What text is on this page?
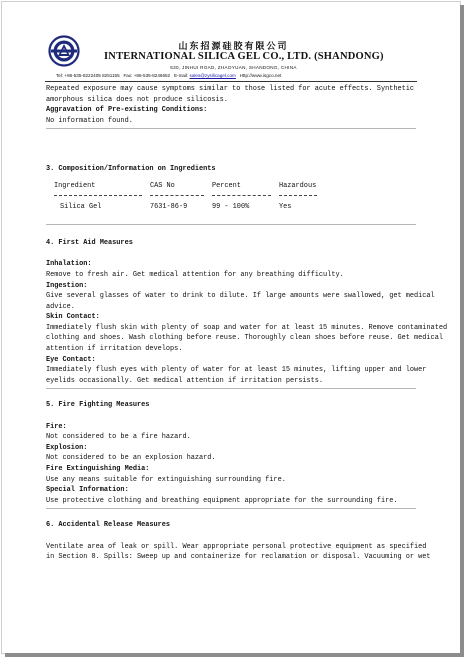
山东招源硅胶有限公司
INTERNATIONAL SILICA GEL CO., LTD. (SHANDONG)
530, JINHUI ROAD, ZHAOYUAN, SHANDONG, CHINA
Tel: +86-535-8222405 8251155 Fax: +86-535-8246652 E-mail: sales@zysilicagel.com Http://www.isgco.net

Repeated exposure may cause symptoms similar to those listed for acute effects. Synthetic

amorphous silica does not produce silicosis.

Aggravation of Pre-existing Conditions:

No information found.

3. Composition/Information on Ingredients

Ingredient	CAS No	Percent	Hazardous

Silica Gel	7631-86-9	99 - 100%	Yes

4. First Aid Measures

Inhalation:

Remove to fresh air. Get medical attention for any breathing difficulty.

Ingestion:

Give several glasses of water to drink to dilute. If large amounts were swallowed, get medical

advice.

Skin Contact:

Immediately flush skin with plenty of soap and water for at least 15 minutes. Remove contaminated

clothing and shoes. Wash clothing before reuse. Thoroughly clean shoes before reuse. Get medical

attention if irritation develops.

Eye Contact:

Immediately flush eyes with plenty of water for at least 15 minutes, lifting upper and lower

eyelids occasionally. Get medical attention if irritation persists.

5. Fire Fighting Measures

Fire:

Not considered to be a fire hazard.

Explosion:

Not considered to be an explosion hazard.

Fire Extinguishing Media:

Use any means suitable for extinguishing surrounding fire.

Special Information:

Use protective clothing and breathing equipment appropriate for the surrounding fire.

6. Accidental Release Measures

Ventilate area of leak or spill. Wear appropriate personal protective equipment as specified

in Section 8. Spills: Sweep up and containerize for reclamation or disposal. Vacuuming or wet
